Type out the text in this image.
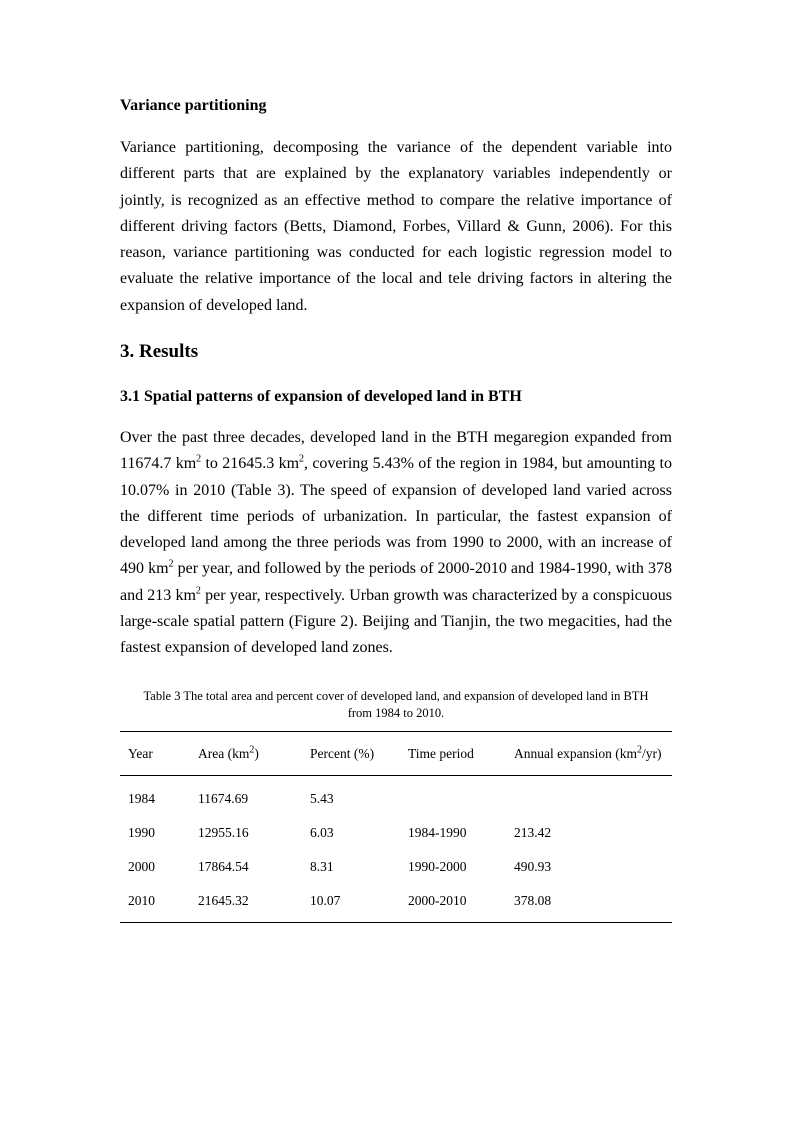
Variance partitioning

Variance partitioning, decomposing the variance of the dependent variable into different parts that are explained by the explanatory variables independently or jointly, is recognized as an effective method to compare the relative importance of different driving factors (Betts, Diamond, Forbes, Villard & Gunn, 2006). For this reason, variance partitioning was conducted for each logistic regression model to evaluate the relative importance of the local and tele driving factors in altering the expansion of developed land.

3. Results
3.1 Spatial patterns of expansion of developed land in BTH

Over the past three decades, developed land in the BTH megaregion expanded from 11674.7 $km^2$ to 21645.3 $km^2$, covering 5.43% of the region in 1984, but amounting to 10.07% in 2010 (Table 3). The speed of expansion of developed land varied across the different time periods of urbanization. In particular, the fastest expansion of developed land among the three periods was from 1990 to 2000, with an increase of 490 $km^2$ per year, and followed by the periods of 2000-2010 and 1984-1990, with 378 and 213 $km^2$ per year, respectively. Urban growth was characterized by a conspicuous large-scale spatial pattern (Figure 2). Beijing and Tianjin, the two megacities, had the fastest expansion of developed land zones.

Table 3 The total area and percent cover of developed land, and expansion of developed land in BTH
from 1984 to 2010.

Year	Area $(km^2)$	Percent (%)	Time period	Annual expansion $(km^2/yr)$
1984	11674.69	5.43		
1990	12955.16	6.03	1984-1990	213.42
2000	17864.54	8.31	1990-2000	490.93
2010	21645.32	10.07	2000-2010	378.08
